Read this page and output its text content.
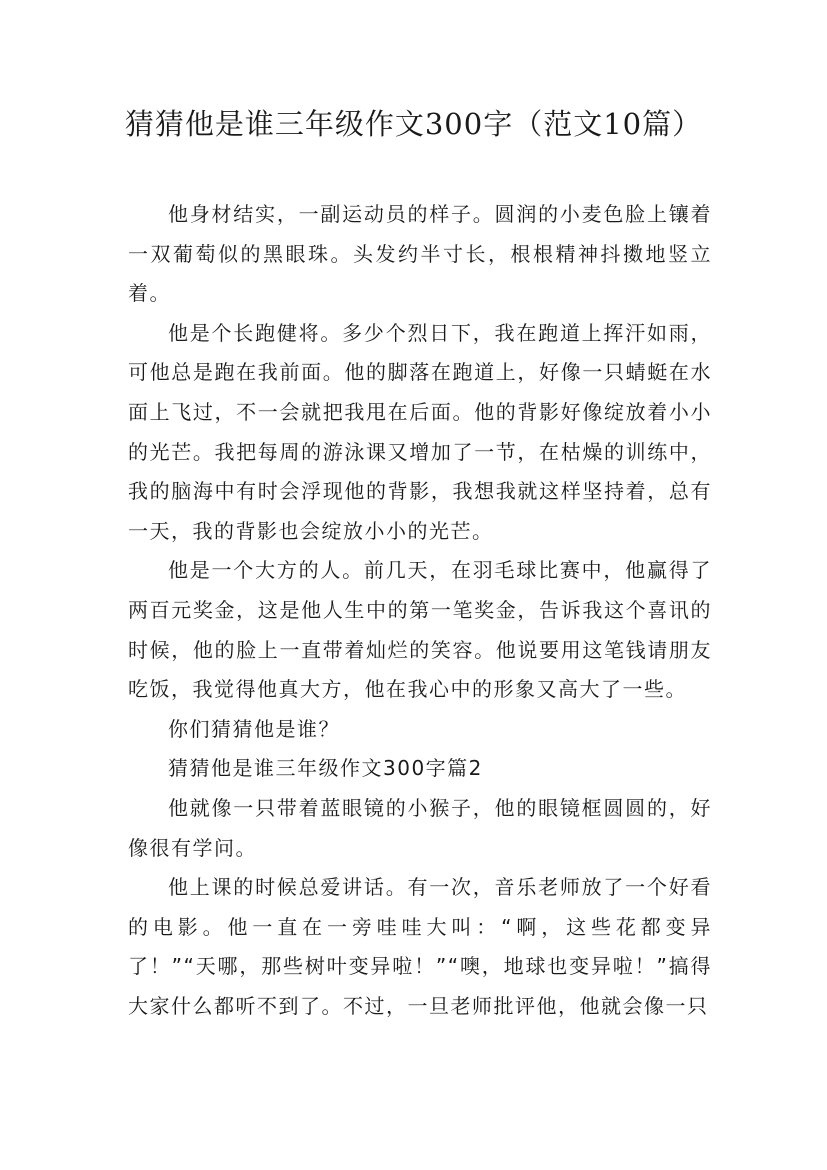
猜猜他是谁三年级作文300字（范文10篇）

他身材结实，一副运动员的样子。圆润的小麦色脸上镶着一双葡萄似的黑眼珠。头发约半寸长，根根精神抖擞地竖立着。

他是个长跑健将。多少个烈日下，我在跑道上挥汗如雨，可他总是跑在我前面。他的脚落在跑道上，好像一只蜻蜓在水面上飞过，不一会就把我甩在后面。他的背影好像绽放着小小的光芒。我把每周的游泳课又增加了一节，在枯燥的训练中，我的脑海中有时会浮现他的背影，我想我就这样坚持着，总有一天，我的背影也会绽放小小的光芒。

他是一个大方的人。前几天，在羽毛球比赛中，他赢得了两百元奖金，这是他人生中的第一笔奖金，告诉我这个喜讯的时候，他的脸上一直带着灿烂的笑容。他说要用这笔钱请朋友吃饭，我觉得他真大方，他在我心中的形象又高大了一些。

你们猜猜他是谁？

猜猜他是谁三年级作文300字篇2

他就像一只带着蓝眼镜的小猴子，他的眼镜框圆圆的，好像很有学问。

他上课的时候总爱讲话。有一次，音乐老师放了一个好看的电影。他一直在一旁哇哇大叫：“啊，这些花都变异了！”“天哪，那些树叶变异啦！”“噢，地球也变异啦！”搞得大家什么都听不到了。不过，一旦老师批评他，他就会像一只
